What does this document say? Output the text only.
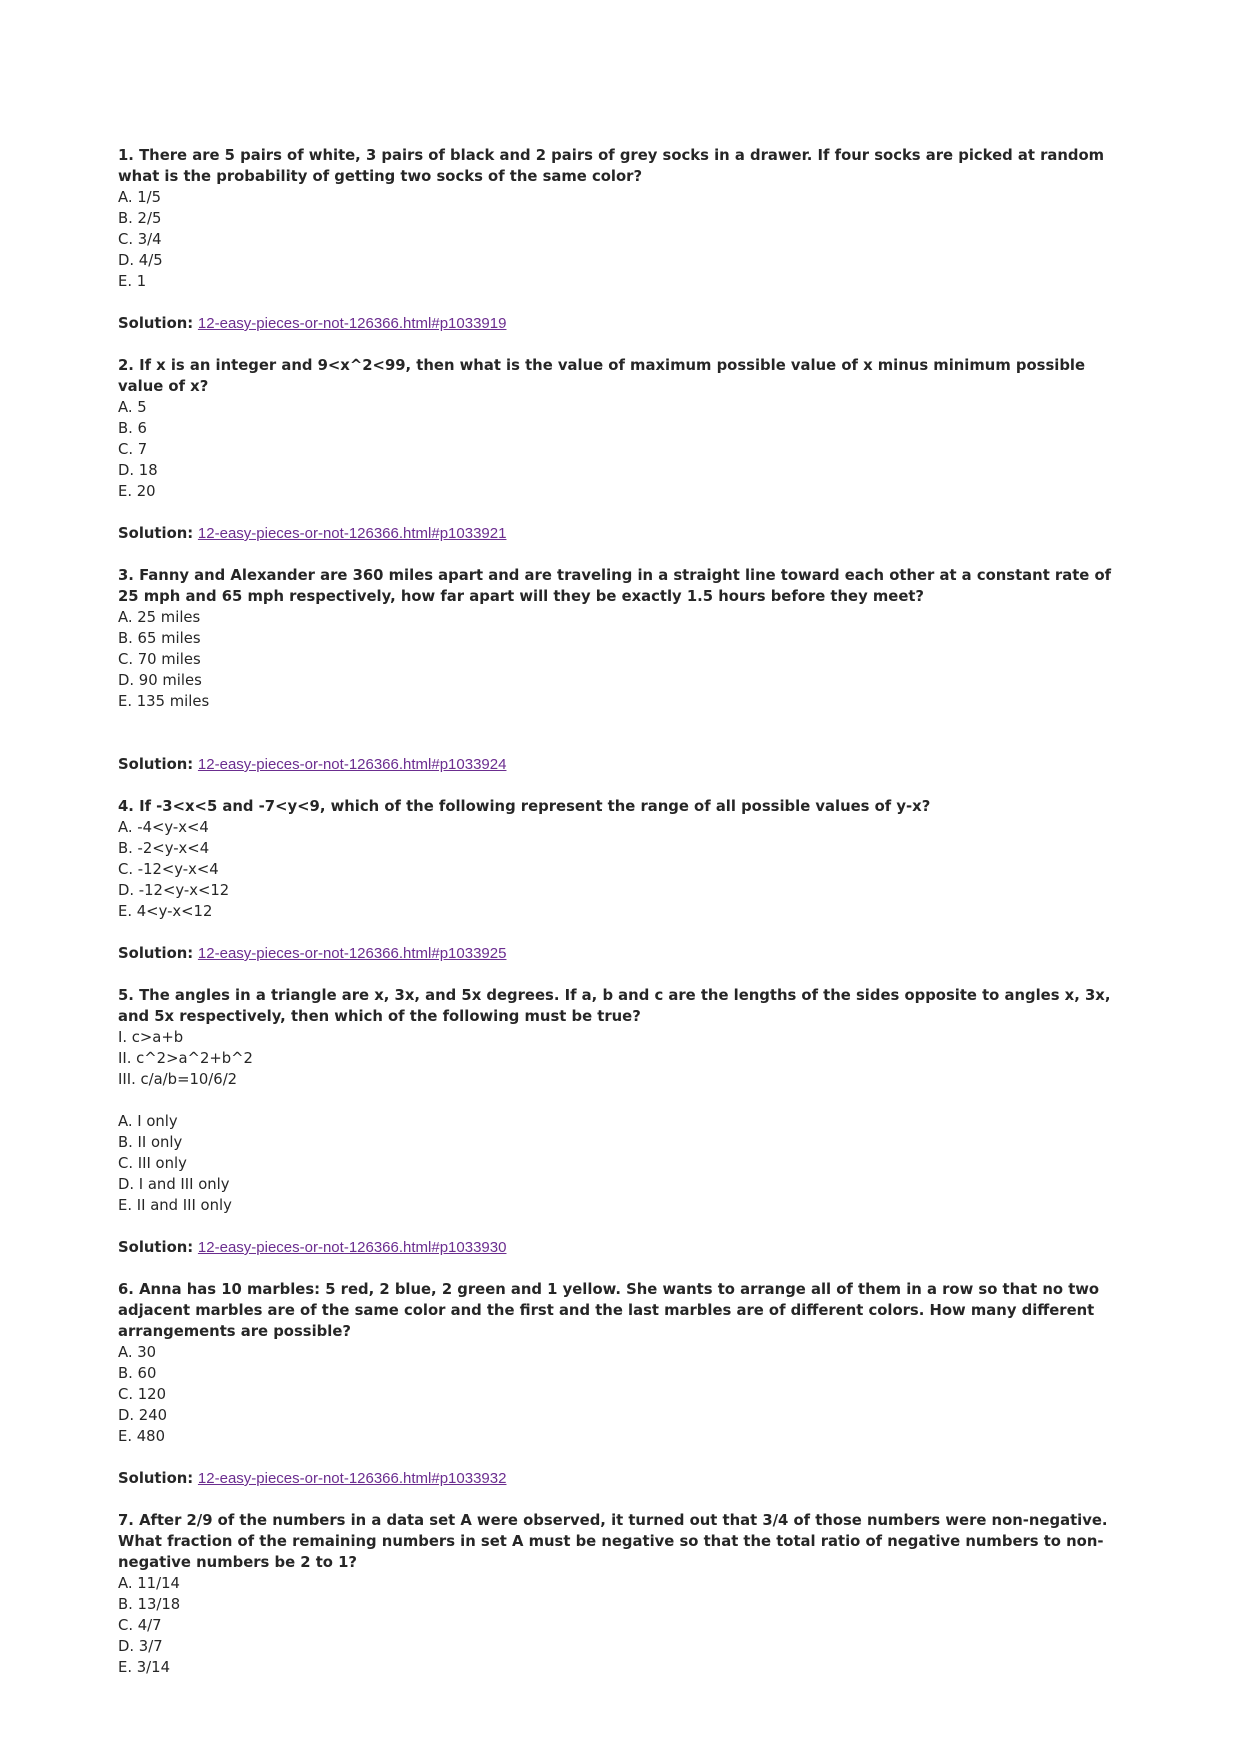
1. There are 5 pairs of white, 3 pairs of black and 2 pairs of grey socks in a drawer. If four socks are picked at random what is the probability of getting two socks of the same color?

A. 1/5
B. 2/5
C. 3/4
D. 4/5
E. 1
Solution: 12-easy-pieces-or-not-126366.html#p1033919

2. If x is an integer and 9<x^2<99, then what is the value of maximum possible value of x minus minimum possible value of x?

A. 5
B. 6
C. 7
D. 18
E. 20
Solution: 12-easy-pieces-or-not-126366.html#p1033921

3. Fanny and Alexander are 360 miles apart and are traveling in a straight line toward each other at a constant rate of 25 mph and 65 mph respectively, how far apart will they be exactly 1.5 hours before they meet?

A. 25 miles
B. 65 miles
C. 70 miles
D. 90 miles
E. 135 miles
Solution: 12-easy-pieces-or-not-126366.html#p1033924

4. If -3<x<5 and -7<y<9, which of the following represent the range of all possible values of y-x?

A. -4<y-x<4
B. -2<y-x<4
C. -12<y-x<4
D. -12<y-x<12
E. 4<y-x<12
Solution: 12-easy-pieces-or-not-126366.html#p1033925

5. The angles in a triangle are x, 3x, and 5x degrees. If a, b and c are the lengths of the sides opposite to angles x, 3x, and 5x respectively, then which of the following must be true?

I. c>a+b
II. c^2>a^2+b^2
III. c/a/b=10/6/2
A. I only
B. II only
C. III only
D. I and III only
E. II and III only
Solution: 12-easy-pieces-or-not-126366.html#p1033930

6. Anna has 10 marbles: 5 red, 2 blue, 2 green and 1 yellow. She wants to arrange all of them in a row so that no two adjacent marbles are of the same color and the first and the last marbles are of different colors. How many different arrangements are possible?

A. 30
B. 60
C. 120
D. 240
E. 480
Solution: 12-easy-pieces-or-not-126366.html#p1033932

7. After 2/9 of the numbers in a data set A were observed, it turned out that 3/4 of those numbers were non-negative. What fraction of the remaining numbers in set A must be negative so that the total ratio of negative numbers to non-negative numbers be 2 to 1?

A. 11/14
B. 13/18
C. 4/7
D. 3/7
E. 3/14
